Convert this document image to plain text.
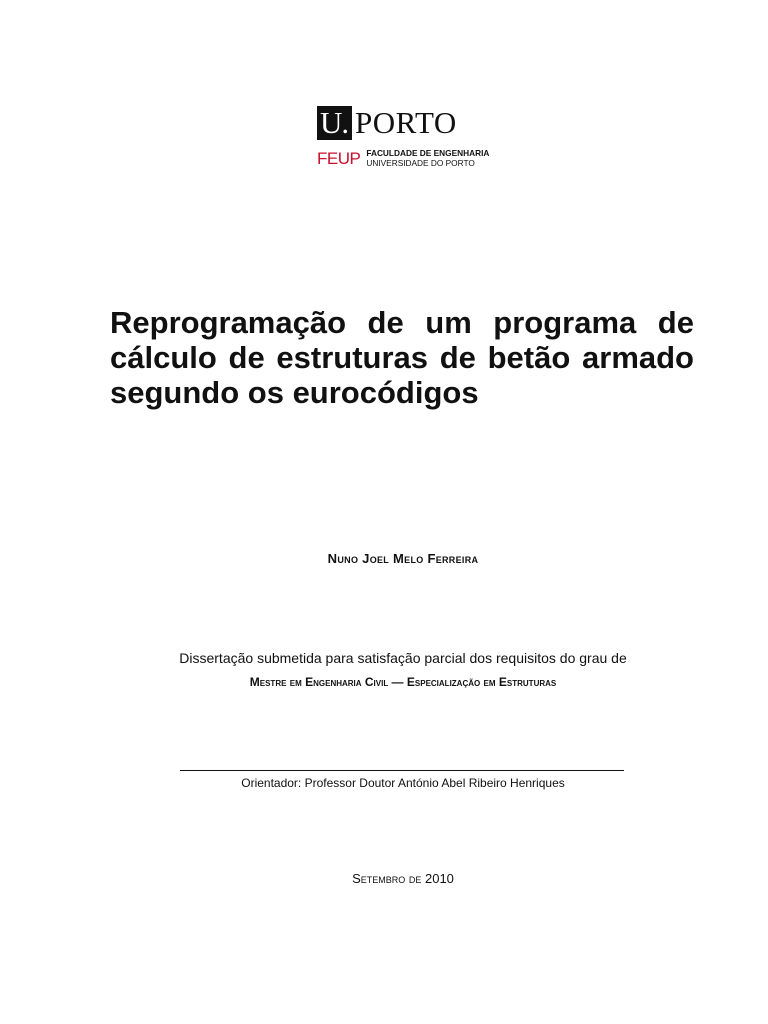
U. PORTO
FEUP FACULDADE DE ENGENHARIA
UNIVERSIDADE DO PORTO
Reprogramação de um programa de cálculo de estruturas de betão armado segundo os eurocódigos
Nuno Joel Melo Ferreira
Dissertação submetida para satisfação parcial dos requisitos do grau de
Mestre em Engenharia Civil — Especialização em Estruturas
Orientador: Professor Doutor António Abel Ribeiro Henriques
Setembro de 2010
